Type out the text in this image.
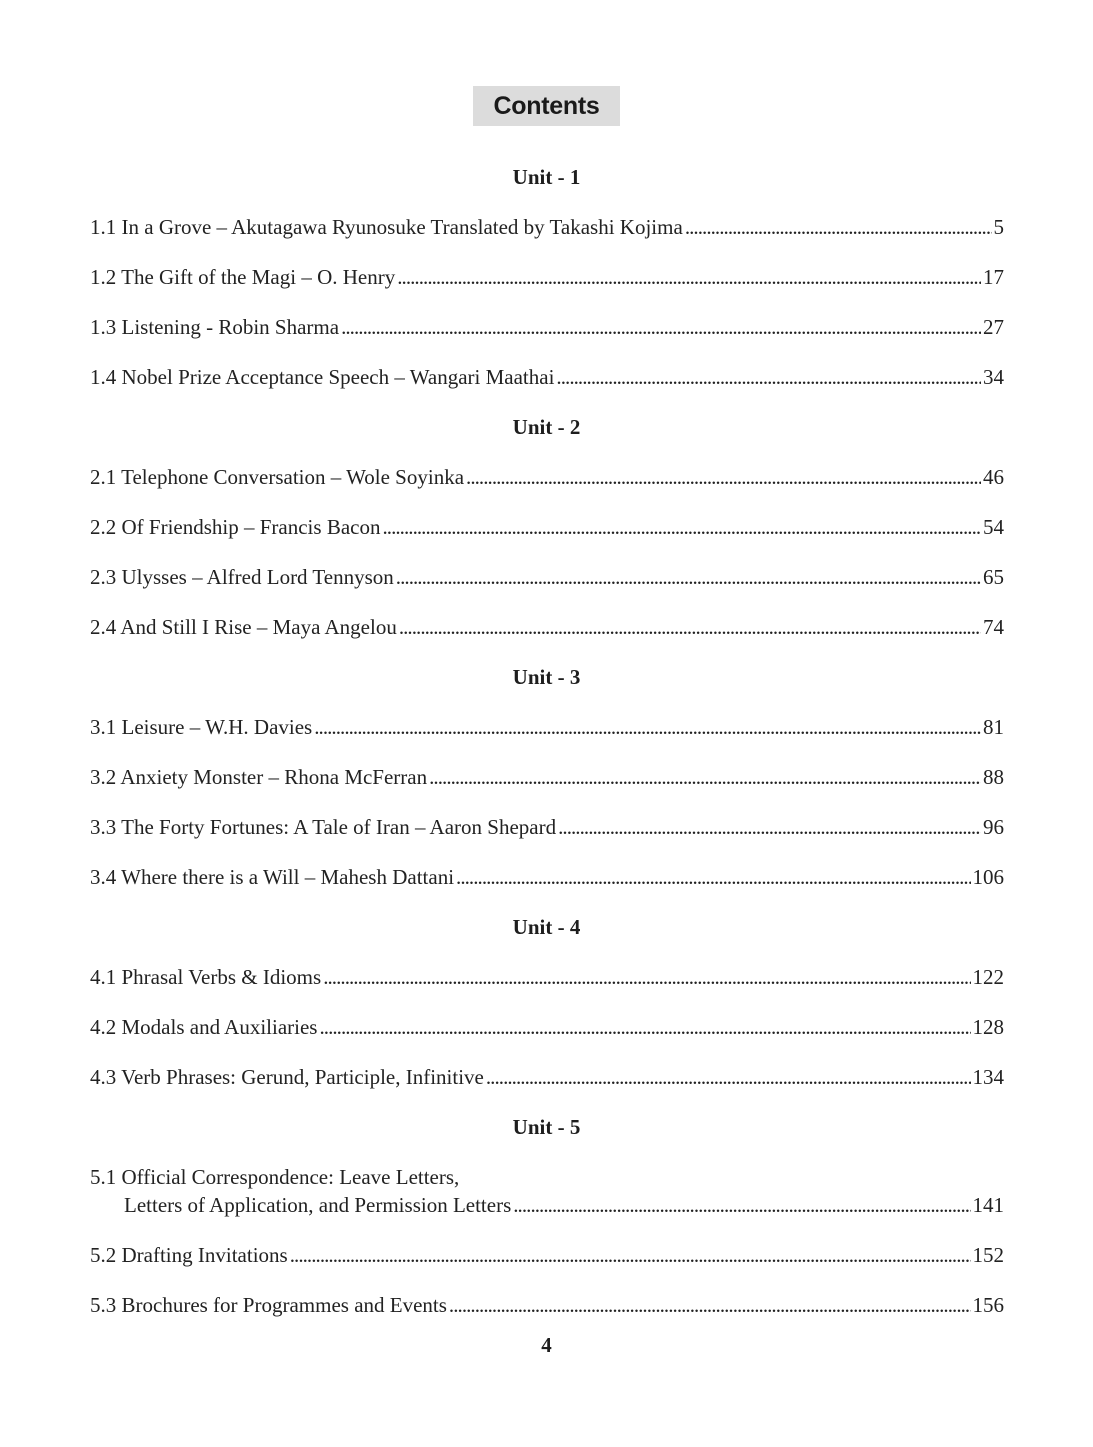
Contents
Unit - 1
1.1 In a Grove – Akutagawa Ryunosuke Translated by Takashi Kojima . . .	5
1.2 The Gift of the Magi – O. Henry . . .	17
1.3 Listening - Robin Sharma . . .	27
1.4 Nobel Prize Acceptance Speech – Wangari Maathai . . .	34
Unit - 2
2.1 Telephone Conversation – Wole Soyinka . . .	46
2.2 Of Friendship – Francis Bacon . . .	54
2.3 Ulysses – Alfred Lord Tennyson . . .	65
2.4 And Still I Rise – Maya Angelou . . .	74
Unit - 3
3.1 Leisure – W.H. Davies . . .	81
3.2 Anxiety Monster – Rhona McFerran . . .	88
3.3 The Forty Fortunes: A Tale of Iran – Aaron Shepard . . .	96
3.4 Where there is a Will – Mahesh Dattani . . .	106
Unit - 4
4.1 Phrasal Verbs & Idioms . . .	122
4.2 Modals and Auxiliaries . . .	128
4.3 Verb Phrases: Gerund, Participle, Infinitive . . .	134
Unit - 5
5.1 Official Correspondence: Leave Letters,
Letters of Application, and Permission Letters . . .	141
5.2 Drafting Invitations . . .	152
5.3 Brochures for Programmes and Events . . .	156
4
